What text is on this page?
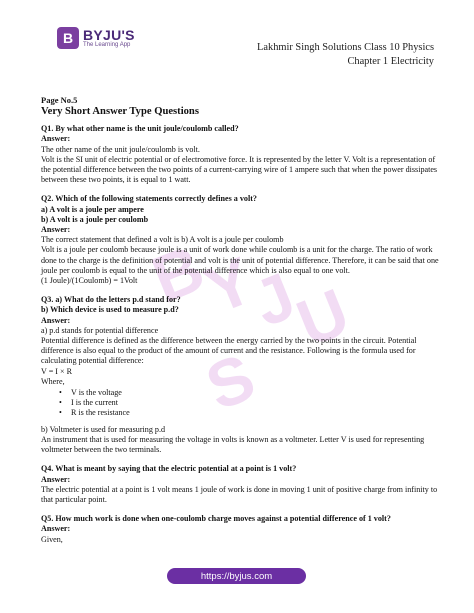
B BYJU'S
The Learning App	Lakhmir Singh Solutions Class 10 Physics
Chapter 1 Electricity
B
Y
J
U
S
Page No.5
Very Short Answer Type Questions
Q1. By what other name is the unit joule/coulomb called?
Answer:
The other name of the unit joule/coulomb is volt.
Volt is the SI unit of electric potential or of electromotive force. It is represented by the letter V. Volt is a representation of the potential difference between the two points of a current-carrying wire of 1 ampere such that when the power dissipates between these two points, it is equal to 1 watt.
Q2. Which of the following statements correctly defines a volt?
a) A volt is a joule per ampere
b) A volt is a joule per coulomb
Answer:
The correct statement that defined a volt is b) A volt is a joule per coulomb
Volt is a joule per coulomb because joule is a unit of work done while coulomb is a unit for the charge. The ratio of work done to the charge is the definition of potential and volt is the unit of potential difference. Therefore, it can be said that one joule per coulomb is equal to the unit of the potential difference which is also equal to one volt.
(1 Joule)/(1Coulomb) = 1Volt
Q3. a) What do the letters p.d stand for?
b) Which device is used to measure p.d?
Answer:
a) p.d stands for potential difference
Potential difference is defined as the difference between the energy carried by the two points in the circuit. Potential difference is also equal to the product of the amount of current and the resistance. Following is the formula used for calculating potential difference:
V = I × R
Where,
• V is the voltage
• I is the current
• R is the resistance
b) Voltmeter is used for measuring p.d
An instrument that is used for measuring the voltage in volts is known as a voltmeter. Letter V is used for representing voltmeter between the two terminals.
Q4. What is meant by saying that the electric potential at a point is 1 volt?
Answer:
The electric potential at a point is 1 volt means 1 joule of work is done in moving 1 unit of positive charge from infinity to that particular point.
Q5. How much work is done when one-coulomb charge moves against a potential difference of 1 volt?
Answer:
Given,
https://byjus.com
